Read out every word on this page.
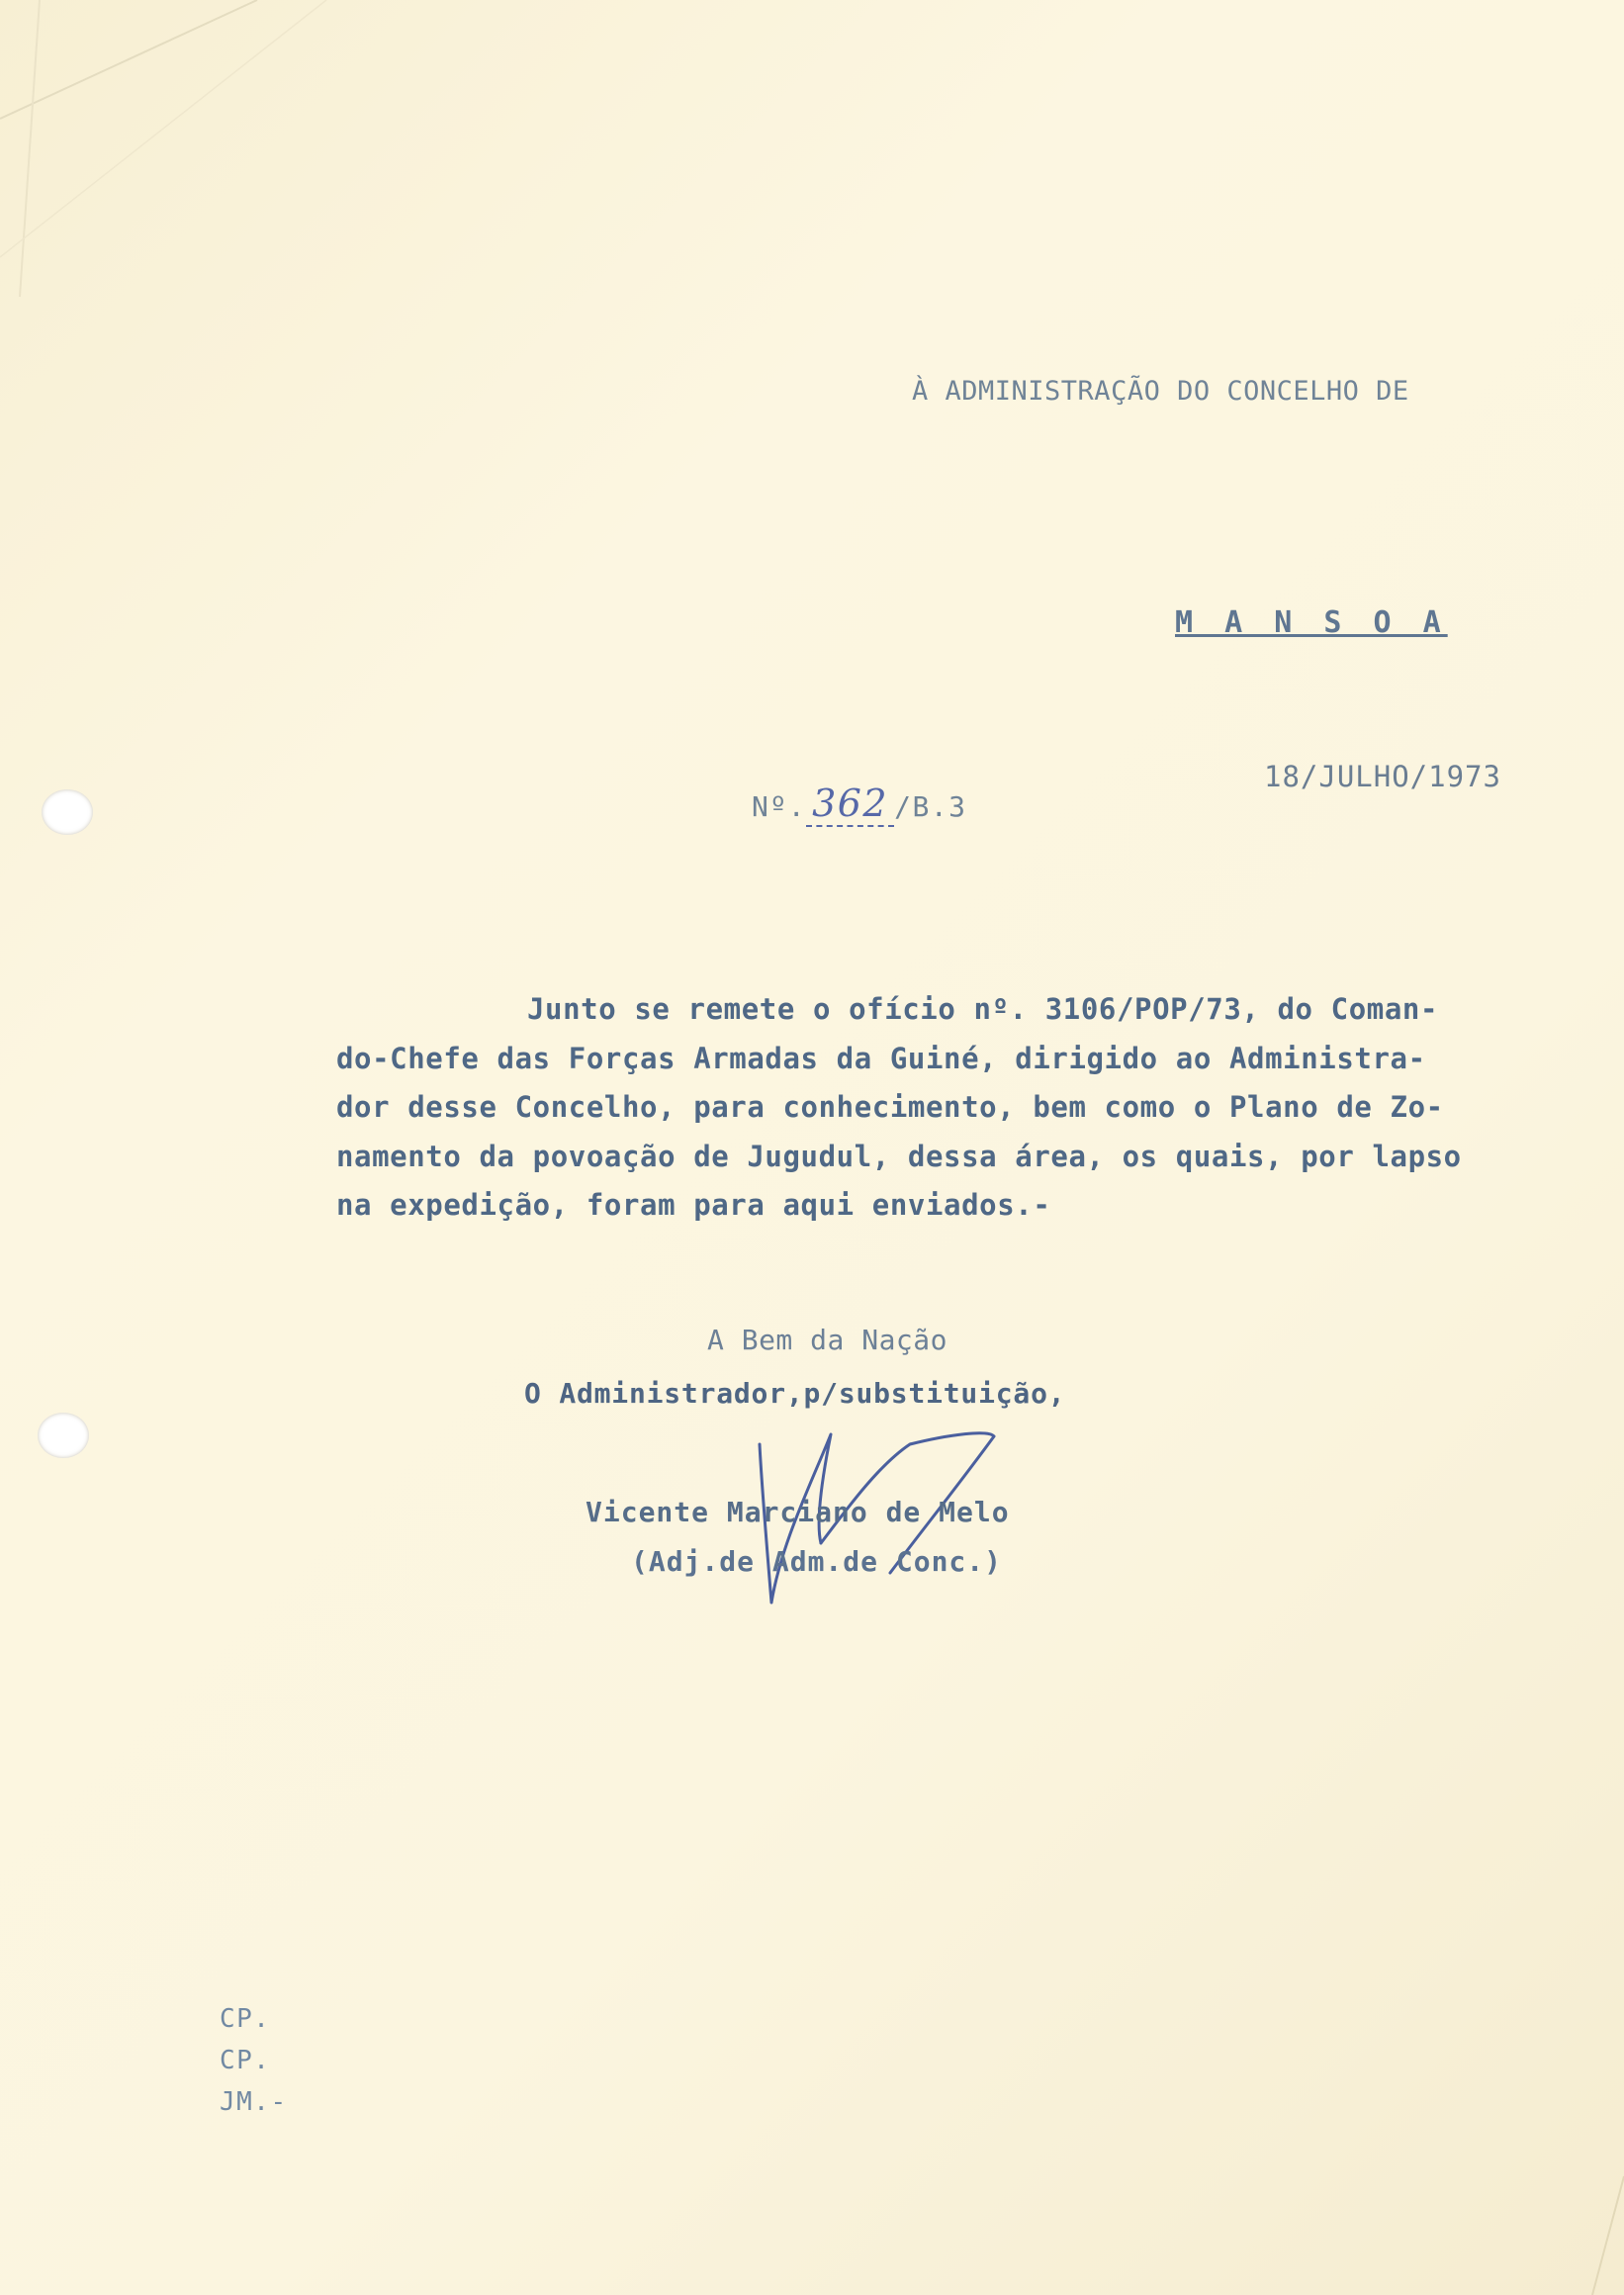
À ADMINISTRAÇÃO DO CONCELHO DE
M A N S O A
18/JULHO/1973
Nº. 362 /B.3
Junto se remete o ofício nº. 3106/POP/73, do Coman-
do-Chefe das Forças Armadas da Guiné, dirigido ao Administra-
dor desse Concelho, para conhecimento, bem como o Plano de Zo-
namento da povoação de Jugudul, dessa área, os quais, por lapso
na expedição, foram para aqui enviados.-
A Bem da Nação
O Administrador,p/substituição,
Vicente Marciano de Melo
(Adj.de Adm.de Conc.)
CP.
CP.
JM.-
